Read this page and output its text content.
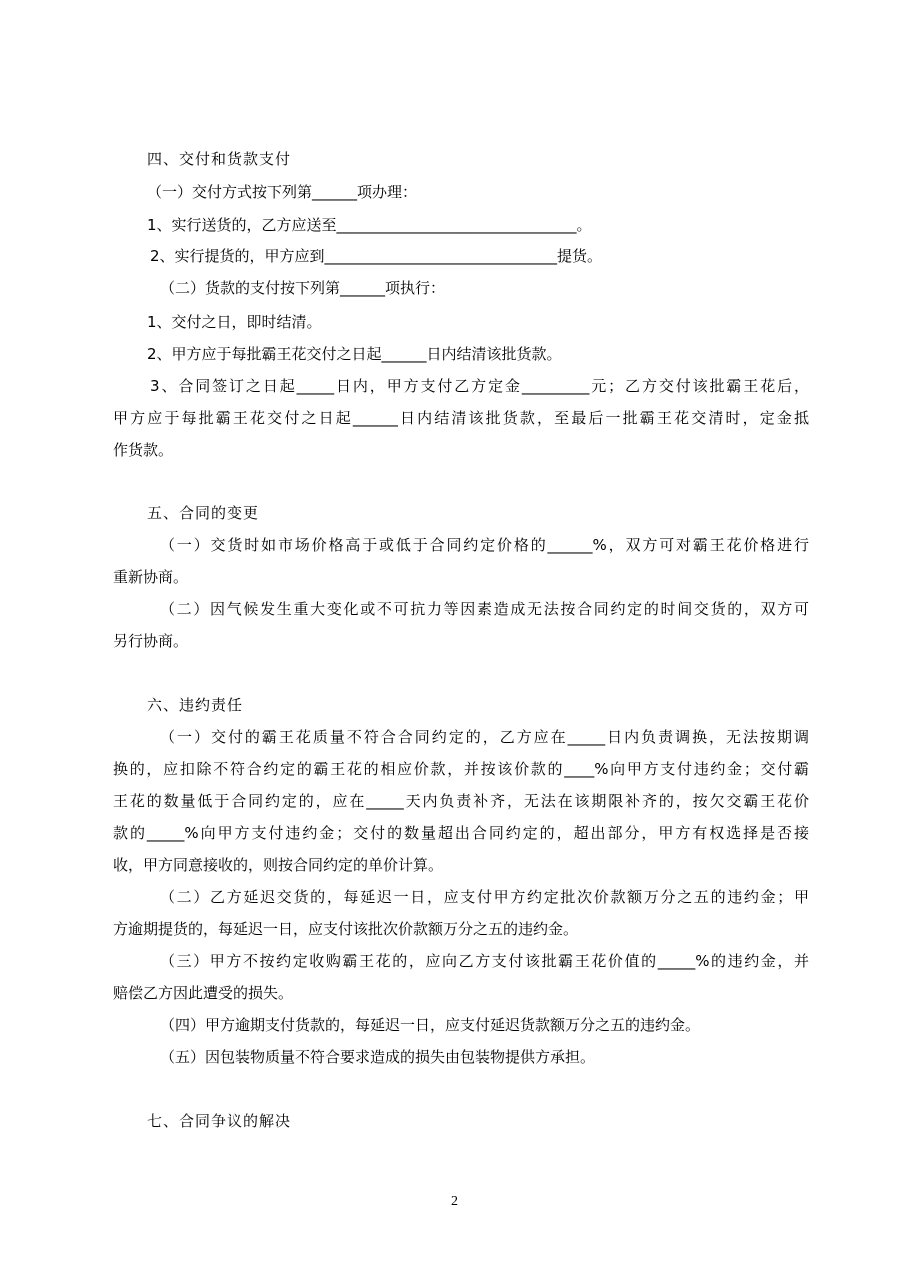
四、交付和货款支付
（一）交付方式按下列第______项办理：
1、实行送货的，乙方应送至________________________________。
2、实行提货的，甲方应到_______________________________提货。
（二）货款的支付按下列第______项执行：
1、交付之日，即时结清。
2、甲方应于每批霸王花交付之日起______日内结清该批货款。
3、合同签订之日起_____日内，甲方支付乙方定金_________元；乙方交付该批霸王花后，
甲方应于每批霸王花交付之日起______日内结清该批货款，至最后一批霸王花交清时，定金抵
作货款。
五、合同的变更
（一）交货时如市场价格高于或低于合同约定价格的______%，双方可对霸王花价格进行
重新协商。
（二）因气候发生重大变化或不可抗力等因素造成无法按合同约定的时间交货的，双方可
另行协商。
六、违约责任
（一）交付的霸王花质量不符合合同约定的，乙方应在_____日内负责调换，无法按期调
换的，应扣除不符合约定的霸王花的相应价款，并按该价款的____%向甲方支付违约金；交付霸
王花的数量低于合同约定的，应在_____天内负责补齐，无法在该期限补齐的，按欠交霸王花价
款的_____%向甲方支付违约金；交付的数量超出合同约定的，超出部分，甲方有权选择是否接
收，甲方同意接收的，则按合同约定的单价计算。
（二）乙方延迟交货的，每延迟一日，应支付甲方约定批次价款额万分之五的违约金；甲
方逾期提货的，每延迟一日，应支付该批次价款额万分之五的违约金。
（三）甲方不按约定收购霸王花的，应向乙方支付该批霸王花价值的_____%的违约金，并
赔偿乙方因此遭受的损失。
（四）甲方逾期支付货款的，每延迟一日，应支付延迟货款额万分之五的违约金。
（五）因包装物质量不符合要求造成的损失由包装物提供方承担。
七、合同争议的解决
2
